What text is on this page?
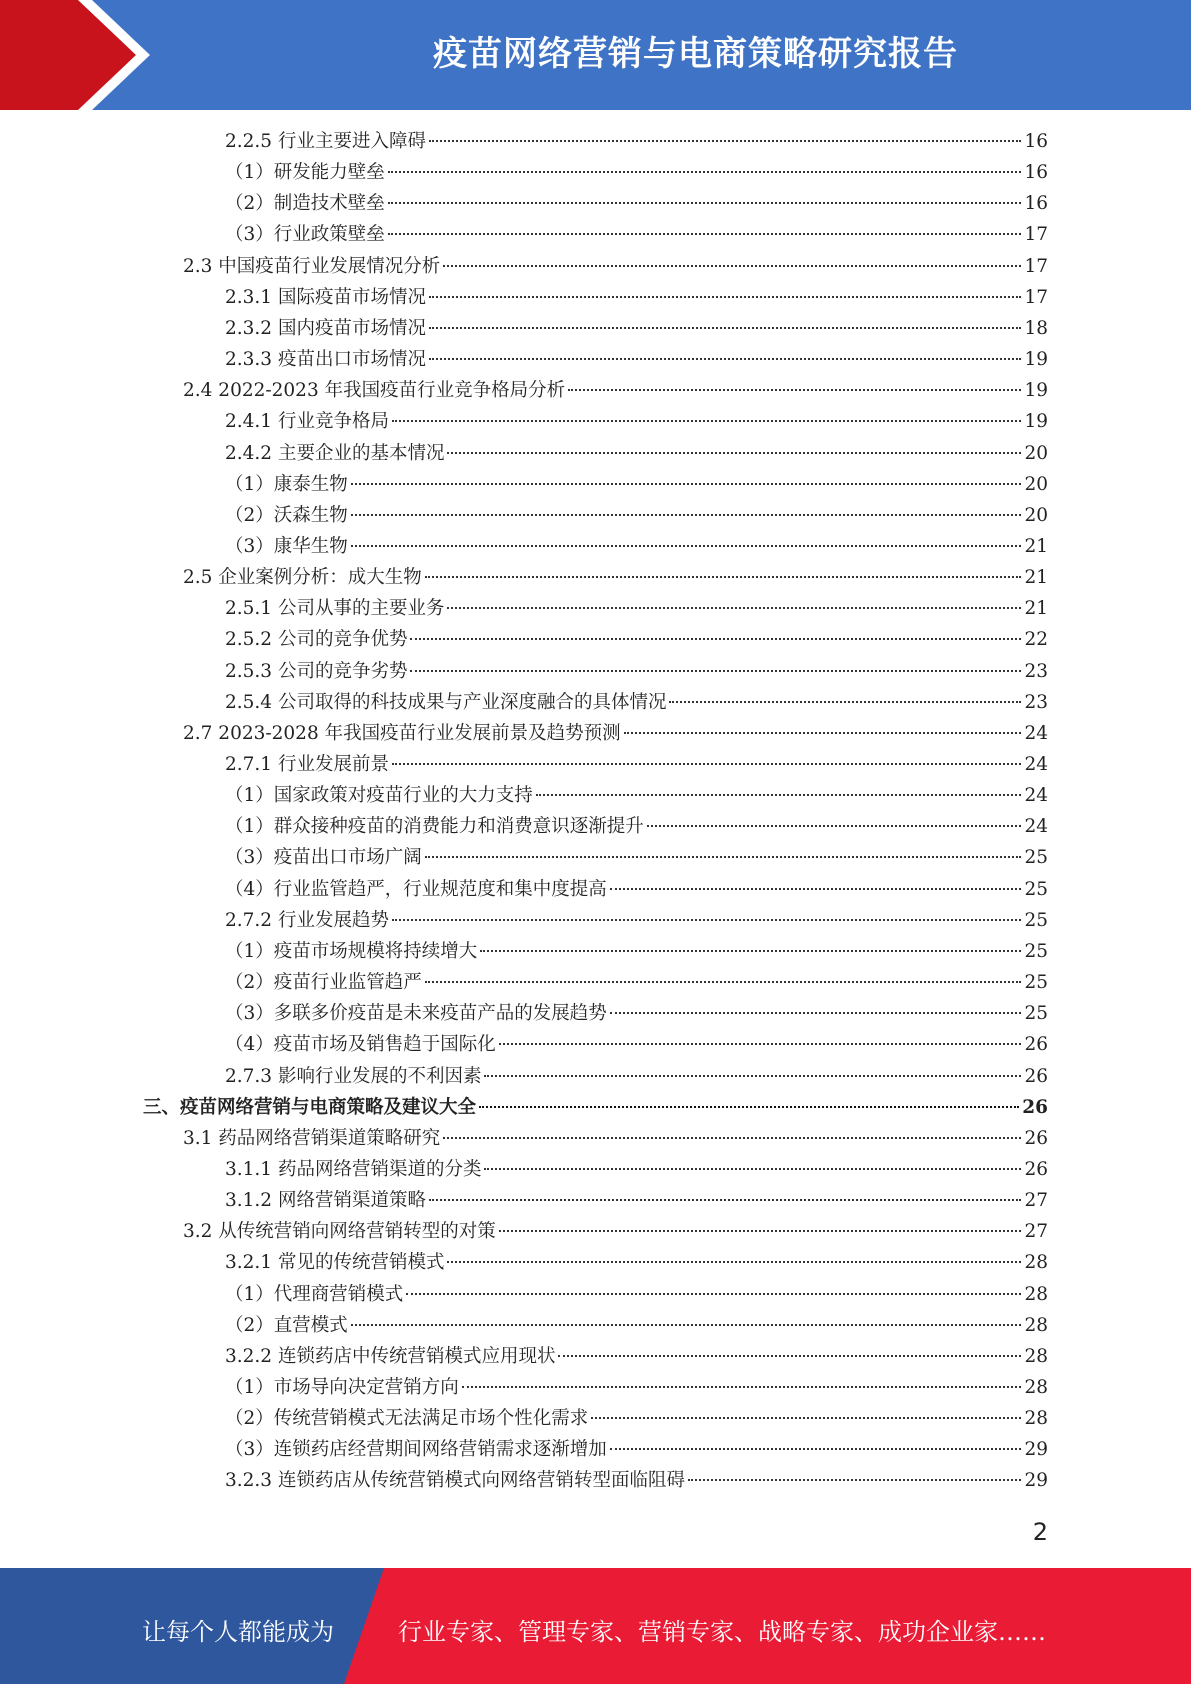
疫苗网络营销与电商策略研究报告
2.2.5 行业主要进入障碍	16
（1）研发能力壁垒	16
（2）制造技术壁垒	16
（3）行业政策壁垒	17
2.3 中国疫苗行业发展情况分析	17
2.3.1 国际疫苗市场情况	17
2.3.2 国内疫苗市场情况	18
2.3.3 疫苗出口市场情况	19
2.4 2022-2023 年我国疫苗行业竞争格局分析	19
2.4.1 行业竞争格局	19
2.4.2 主要企业的基本情况	20
（1）康泰生物	20
（2）沃森生物	20
（3）康华生物	21
2.5 企业案例分析：成大生物	21
2.5.1 公司从事的主要业务	21
2.5.2 公司的竞争优势	22
2.5.3 公司的竞争劣势	23
2.5.4 公司取得的科技成果与产业深度融合的具体情况	23
2.7 2023-2028 年我国疫苗行业发展前景及趋势预测	24
2.7.1 行业发展前景	24
（1）国家政策对疫苗行业的大力支持	24
（1）群众接种疫苗的消费能力和消费意识逐渐提升	24
（3）疫苗出口市场广阔	25
（4）行业监管趋严，行业规范度和集中度提高	25
2.7.2 行业发展趋势	25
（1）疫苗市场规模将持续增大	25
（2）疫苗行业监管趋严	25
（3）多联多价疫苗是未来疫苗产品的发展趋势	25
（4）疫苗市场及销售趋于国际化	26
2.7.3 影响行业发展的不利因素	26
三、疫苗网络营销与电商策略及建议大全	26
3.1 药品网络营销渠道策略研究	26
3.1.1 药品网络营销渠道的分类	26
3.1.2 网络营销渠道策略	27
3.2 从传统营销向网络营销转型的对策	27
3.2.1 常见的传统营销模式	28
（1）代理商营销模式	28
（2）直营模式	28
3.2.2 连锁药店中传统营销模式应用现状	28
（1）市场导向决定营销方向	28
（2）传统营销模式无法满足市场个性化需求	28
（3）连锁药店经营期间网络营销需求逐渐增加	29
3.2.3 连锁药店从传统营销模式向网络营销转型面临阻碍	29
2
让每个人都能成为	行业专家、管理专家、营销专家、战略专家、成功企业家……
